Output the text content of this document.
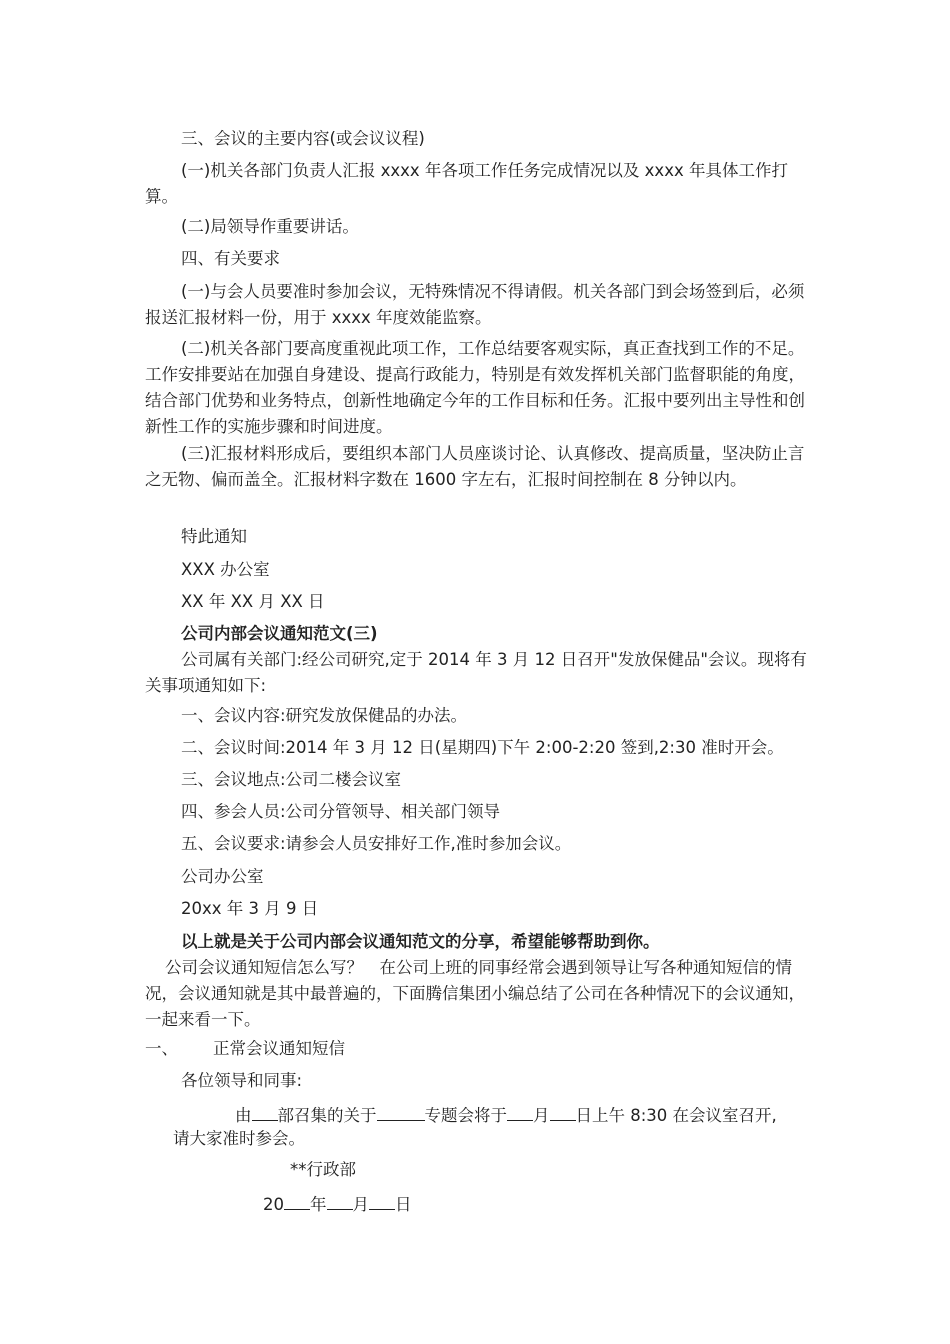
三、会议的主要内容(或会议议程)

(一)机关各部门负责人汇报 xxxx 年各项工作任务完成情况以及 xxxx 年具体工作打算。

(二)局领导作重要讲话。

四、有关要求

(一)与会人员要准时参加会议，无特殊情况不得请假。机关各部门到会场签到后，必须报送汇报材料一份，用于 xxxx 年度效能监察。

(二)机关各部门要高度重视此项工作，工作总结要客观实际，真正查找到工作的不足。工作安排要站在加强自身建设、提高行政能力，特别是有效发挥机关部门监督职能的角度，结合部门优势和业务特点，创新性地确定今年的工作目标和任务。汇报中要列出主导性和创新性工作的实施步骤和时间进度。

(三)汇报材料形成后，要组织本部门人员座谈讨论、认真修改、提高质量，坚决防止言之无物、偏而盖全。汇报材料字数在 1600 字左右，汇报时间控制在 8 分钟以内。

特此通知

XXX 办公室

XX 年 XX 月 XX 日

公司内部会议通知范文(三)

公司属有关部门:经公司研究,定于 2014 年 3 月 12 日召开"发放保健品"会议。现将有关事项通知如下:

一、会议内容:研究发放保健品的办法。

二、会议时间:2014 年 3 月 12 日(星期四)下午 2:00-2:20 签到,2:30 准时开会。

三、会议地点:公司二楼会议室

四、参会人员:公司分管领导、相关部门领导

五、会议要求:请参会人员安排好工作,准时参加会议。

公司办公室

20xx 年 3 月 9 日

以上就是关于公司内部会议通知范文的分享，希望能够帮助到你。

公司会议通知短信怎么写？　在公司上班的同事经常会遇到领导让写各种通知短信的情况，会议通知就是其中最普遍的，下面腾信集团小编总结了公司在各种情况下的会议通知，一起来看一下。

一、 正常会议通知短信

各位领导和同事:

由 部召集的关于	专题会将于 月 日上午 8:30 在会议室召开,

请大家准时参会。

**行政部

20 年 月 日
